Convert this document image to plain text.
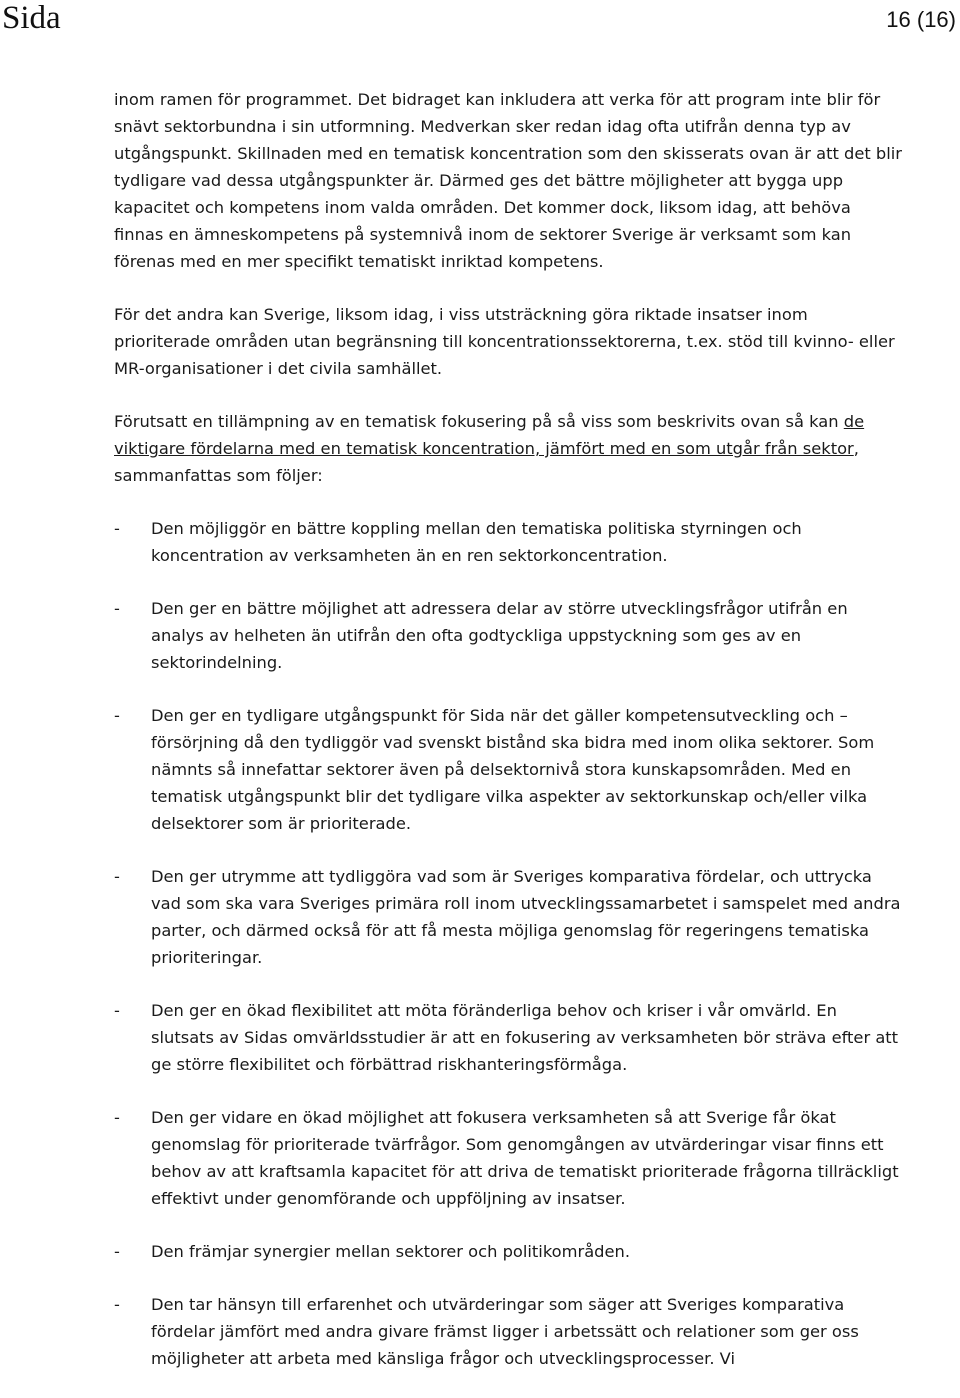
Sida	16 (16)

inom ramen för programmet. Det bidraget kan inkludera att verka för att program inte blir för snävt sektorbundna i sin utformning. Medverkan sker redan idag ofta utifrån denna typ av utgångspunkt. Skillnaden med en tematisk koncentration som den skisserats ovan är att det blir tydligare vad dessa utgångspunkter är. Därmed ges det bättre möjligheter att bygga upp kapacitet och kompetens inom valda områden. Det kommer dock, liksom idag, att behöva finnas en ämneskompetens på systemnivå inom de sektorer Sverige är verksamt som kan förenas med en mer specifikt tematiskt inriktad kompetens.

För det andra kan Sverige, liksom idag, i viss utsträckning göra riktade insatser inom prioriterade områden utan begränsning till koncentrationssektorerna, t.ex. stöd till kvinno- eller MR-organisationer i det civila samhället.

Förutsatt en tillämpning av en tematisk fokusering på så viss som beskrivits ovan så kan de viktigare fördelarna med en tematisk koncentration, jämfört med en som utgår från sektor, sammanfattas som följer:

-	Den möjliggör en bättre koppling mellan den tematiska politiska styrningen och koncentration av verksamheten än en ren sektorkoncentration.
-	Den ger en bättre möjlighet att adressera delar av större utvecklingsfrågor utifrån en analys av helheten än utifrån den ofta godtyckliga uppstyckning som ges av en sektorindelning.
-	Den ger en tydligare utgångspunkt för Sida när det gäller kompetensutveckling och – försörjning då den tydliggör vad svenskt bistånd ska bidra med inom olika sektorer. Som nämnts så innefattar sektorer även på delsektornivå stora kunskapsområden. Med en tematisk utgångspunkt blir det tydligare vilka aspekter av sektorkunskap och/eller vilka delsektorer som är prioriterade.
-	Den ger utrymme att tydliggöra vad som är Sveriges komparativa fördelar, och uttrycka vad som ska vara Sveriges primära roll inom utvecklingssamarbetet i samspelet med andra parter, och därmed också för att få mesta möjliga genomslag för regeringens tematiska prioriteringar.
-	Den ger en ökad flexibilitet att möta föränderliga behov och kriser i vår omvärld. En slutsats av Sidas omvärldsstudier är att en fokusering av verksamheten bör sträva efter att ge större flexibilitet och förbättrad riskhanteringsförmåga.
-	Den ger vidare en ökad möjlighet att fokusera verksamheten så att Sverige får ökat genomslag för prioriterade tvärfrågor. Som genomgången av utvärderingar visar finns ett behov av att kraftsamla kapacitet för att driva de tematiskt prioriterade frågorna tillräckligt effektivt under genomförande och uppföljning av insatser.
-	Den främjar synergier mellan sektorer och politikområden.
-	Den tar hänsyn till erfarenhet och utvärderingar som säger att Sveriges komparativa fördelar jämfört med andra givare främst ligger i arbetssätt och relationer som ger oss möjligheter att arbeta med känsliga frågor och utvecklingsprocesser. Vi
